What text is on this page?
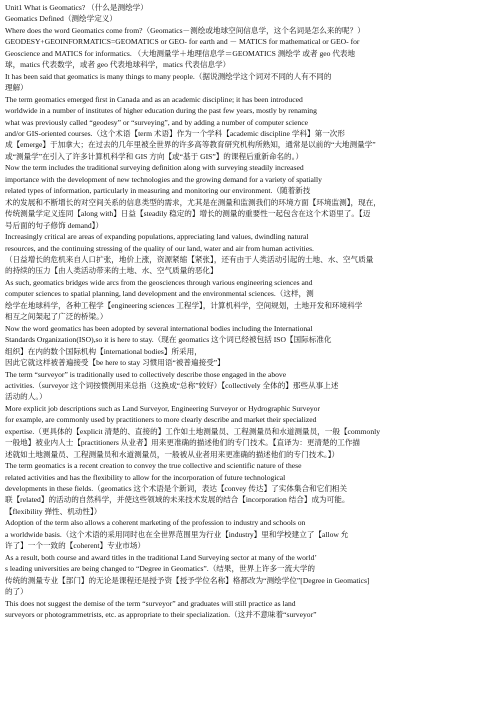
Unit1 What is Geomatics? （什么是测绘学）
Geomatics Defined（测绘学定义）
Where does the word Geomatics come from?（Geomatics－测绘或地球空间信息学，这个名词是怎么来的呢？）
GEODESY+GEOINFORMATICS=GEOMATICS or GEO- for earth and － MATICS for mathematical or GEO- for
Geoscience and MATICS for informatics. （大地测量学＋地理信息学＝GEOMATICS 测绘学 或者 geo 代表地
球，matics 代表数学，或者 geo 代表地球科学，matics 代表信息学）
It has been said that geomatics is many things to many people.（据说测绘学这个词对不同的人有不同的
理解）
The term geomatics emerged first in Canada and as an academic discipline; it has been introduced
worldwide in a number of institutes of higher education during the past few years, mostly by renaming
what was previously called “geodesy” or “surveying”, and by adding a number of computer science
and/or GIS-oriented courses.（这个术语【term 术语】作为一个学科【academic discipline 学科】第一次形
成【emerge】于加拿大；在过去的几年里被全世界的许多高等教育研究机构所熟知，通常是以前的“大地测量学”
或“测量学”在引入了许多计算机科学和 GIS 方向【或“基于 GIS”】的课程后重新命名的。）
Now the term includes the traditional surveying definition along with surveying steadily increased
importance with the development of new technologies and the growing demand for a variety of spatially
related types of information, particularly in measuring and monitoring our environment.（随着新技
术的发展和不断增长的对空间关系的信息类型的需求，尤其是在测量和监测我们的环境方面【环境监测】，现在，
传统测量学定义连同【along with】日益【steadily 稳定的】增长的测量的重要性一起包含在这个术语里了。【迈
号后面的句子修饰 demand】）
Increasingly critical are areas of expanding populations, appreciating land values, dwindling natural
resources, and the continuing stressing of the quality of our land, water and air from human activities.
（日益增长的危机来自人口扩张，地价上涨，资源紧缩【紧张】，还有由于人类活动引起的土地、水、空气质量
的持续的压力【由人类活动带来的土地、水、空气质量的恶化】
As such, geomatics bridges wide arcs from the geosciences through various engineering sciences and
computer sciences to spatial planning, land development and the environmental sciences.（这样，测
绘学在地球科学，各种工程学【engineering sciences 工程学】，计算机科学，空间规划，土地开发和环境科学
相互之间架起了广泛的桥梁。）
Now the word geomatics has been adopted by several international bodies including the International
Standards Organization(ISO),so it is here to stay.（现在 geomatics 这个词已经被包括 ISO【国际标准化
组织】在内的数个国际机构【international bodies】所采用，
因此它就这样被普遍接受【be here to stay 习惯用语“被普遍接受”】
The term “surveyor” is traditionally used to collectively describe those engaged in the above
activities.（surveyor 这个词按惯例用来总指（这换成“总称”较好）【collectively 全体的】那些从事上述
活动的人。）
More explicit job descriptions such as Land Surveyor, Engineering Surveyor or Hydrographic Surveyor
for example, are commonly used by practitioners to more clearly describe and market their specialized
expertise.（更具体的【explicit 清楚的、直接的】工作如土地测量员、工程测量员和水道测量员，一般【commonly
一般地】被业内人士【practitioners 从业者】用来更准确的描述他们的专门技术。【直译为：更清楚的工作描
述就如土地测量员、工程测量员和水道测量员，一般被从业者用来更准确的描述他们的专门技术。】）
The term geomatics is a recent creation to convey the true collective and scientific nature of these
related activities and has the flexibility to allow for the incorporation of future technological
developments in these fields.（geomatics 这个术语是个新词，表达【convey 传达】了实体集合和它们相关
联【related】的活动的自然科学，并使这些领域的未来技术发展的结合【incorporation 结合】成为可能。
【flexibility 弹性、机动性】）
Adoption of the term also allows a coherent marketing of the profession to industry and schools on
a worldwide basis.（这个术语的采用同时也在全世界范围里为行业【industry】里和学校建立了【allow 允
许了】一个一致的【coherent】专业市场）
As a result, both course and award titles in the traditional Land Surveying sector at many of the world’
s leading universities are being changed to “Degree in Geomatics”.（结果，世界上许多一流大学的
传统的测量专业【部门】的无论是课程还是授予资【授予学位名称】格都改为“测绘学位”[Degree in Geomatics]
的了）
This does not suggest the demise of the term “surveyor” and graduates will still practice as land
surveyors or photogrammetrists, etc. as appropriate to their specialization.（这并不意味着“surveyor”
